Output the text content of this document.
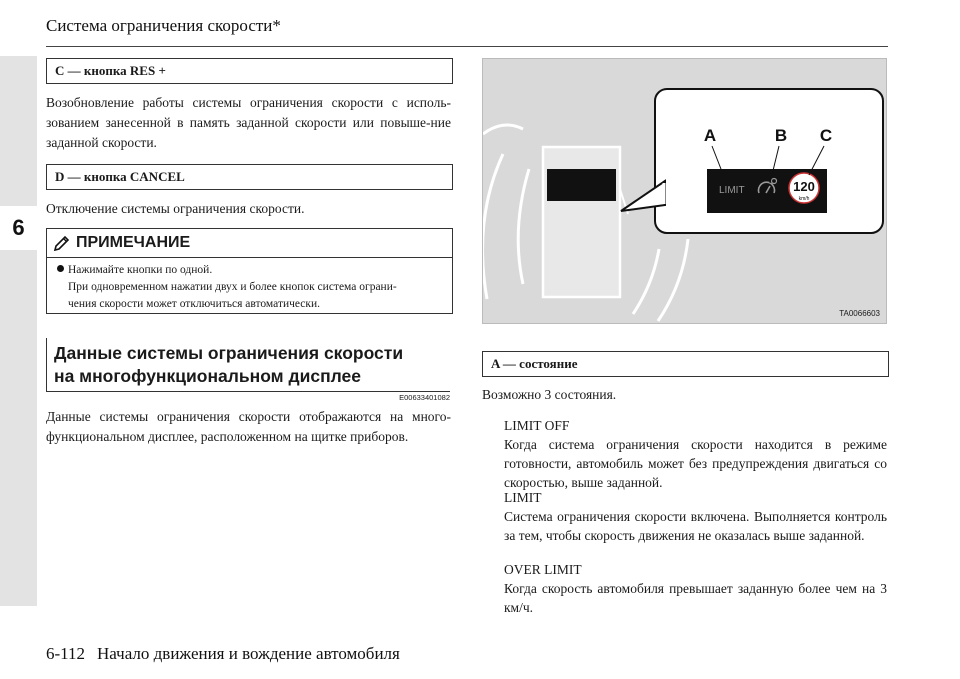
6
Система ограничения скорости*
C — кнопка RES +
Возобновление работы системы ограничения скорости с исполь-зованием занесенной в память заданной скорости или повыше-ние заданной скорости.
D — кнопка CANCEL
Отключение системы ограничения скорости.
ПРИМЕЧАНИЕ
Нажимайте кнопки по одной.
При одновременном нажатии двух и более кнопок система ограни-
чения скорости может отключиться автоматически.
Данные системы ограничения скорости
на многофункциональном дисплее
E00633401082
Данные системы ограничения скорости отображаются на много-функциональном дисплее, расположенном на щитке приборов.
LIMIT	120
km/h
A	B C
TA0066603
A — состояние
Возможно 3 состояния.
LIMIT OFF
Когда система ограничения скорости находится в режиме готовности, автомобиль может без предупреждения двигаться со скоростью, выше заданной.
LIMIT
Система ограничения скорости включена. Выполняется контроль за тем, чтобы скорость движения не оказалась выше заданной.
OVER LIMIT
Когда скорость автомобиля превышает заданную более чем на 3 км/ч.
6-112 Начало движения и вождение автомобиля
